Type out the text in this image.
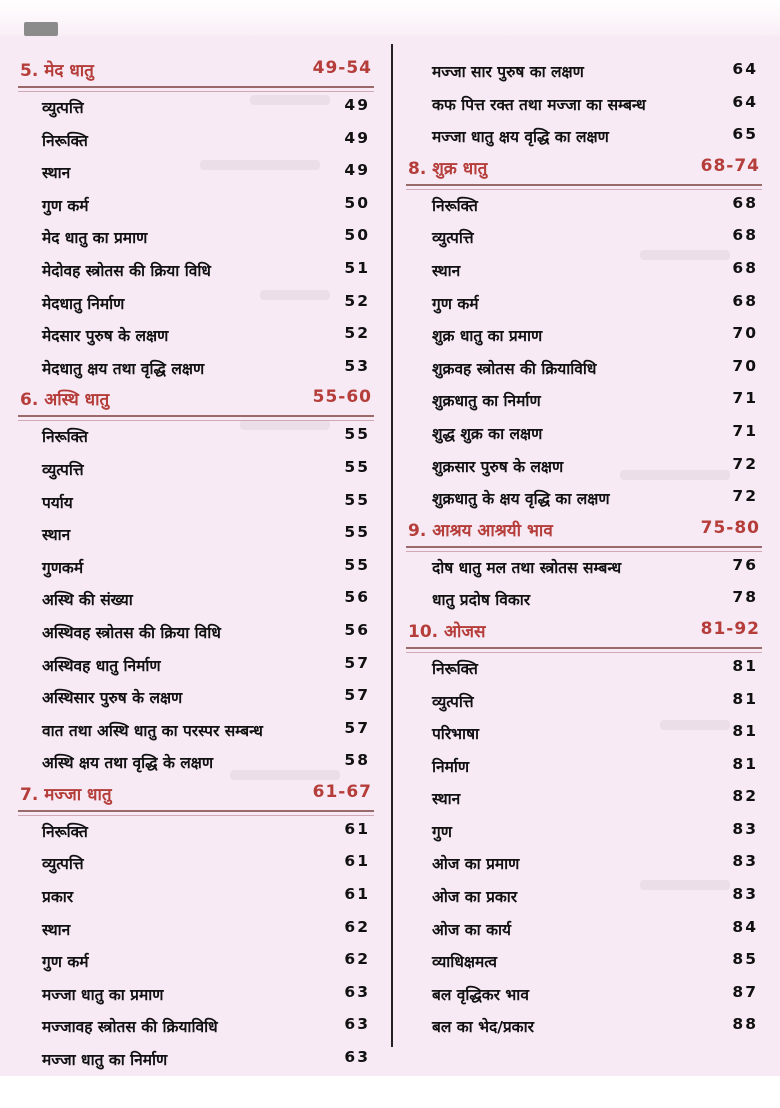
5. मेद धातु	49-54
व्युत्पत्ति	49
निरूक्ति	49
स्थान	49
गुण कर्म	50
मेद धातु का प्रमाण	50
मेदोवह स्त्रोतस की क्रिया विधि	51
मेदधातु निर्माण	52
मेदसार पुरुष के लक्षण	52
मेदधातु क्षय तथा वृद्धि लक्षण	53
6. अस्थि धातु	55-60
निरूक्ति	55
व्युत्पत्ति	55
पर्याय	55
स्थान	55
गुणकर्म	55
अस्थि की संख्या	56
अस्थिवह स्त्रोतस की क्रिया विधि	56
अस्थिवह धातु निर्माण	57
अस्थिसार पुरुष के लक्षण	57
वात तथा अस्थि धातु का परस्पर सम्बन्ध	57
अस्थि क्षय तथा वृद्धि के लक्षण	58
7. मज्जा धातु	61-67
निरूक्ति	61
व्युत्पत्ति	61
प्रकार	61
स्थान	62
गुण कर्म	62
मज्जा धातु का प्रमाण	63
मज्जावह स्त्रोतस की क्रियाविधि	63
मज्जा धातु का निर्माण	63
मज्जा सार पुरुष का लक्षण	64
कफ पित्त रक्त तथा मज्जा का सम्बन्ध	64
मज्जा धातु क्षय वृद्धि का लक्षण	65
8. शुक्र धातु	68-74
निरूक्ति	68
व्युत्पत्ति	68
स्थान	68
गुण कर्म	68
शुक्र धातु का प्रमाण	70
शुक्रवह स्त्रोतस की क्रियाविधि	70
शुक्रधातु का निर्माण	71
शुद्ध शुक्र का लक्षण	71
शुक्रसार पुरुष के लक्षण	72
शुक्रधातु के क्षय वृद्धि का लक्षण	72
9. आश्रय आश्रयी भाव	75-80
दोष धातु मल तथा स्त्रोतस सम्बन्ध	76
धातु प्रदोष विकार	78
10. ओजस	81-92
निरूक्ति	81
व्युत्पत्ति	81
परिभाषा	81
निर्माण	81
स्थान	82
गुण	83
ओज का प्रमाण	83
ओज का प्रकार	83
ओज का कार्य	84
व्याधिक्षमत्व	85
बल वृद्धिकर भाव	87
बल का भेद/प्रकार	88
